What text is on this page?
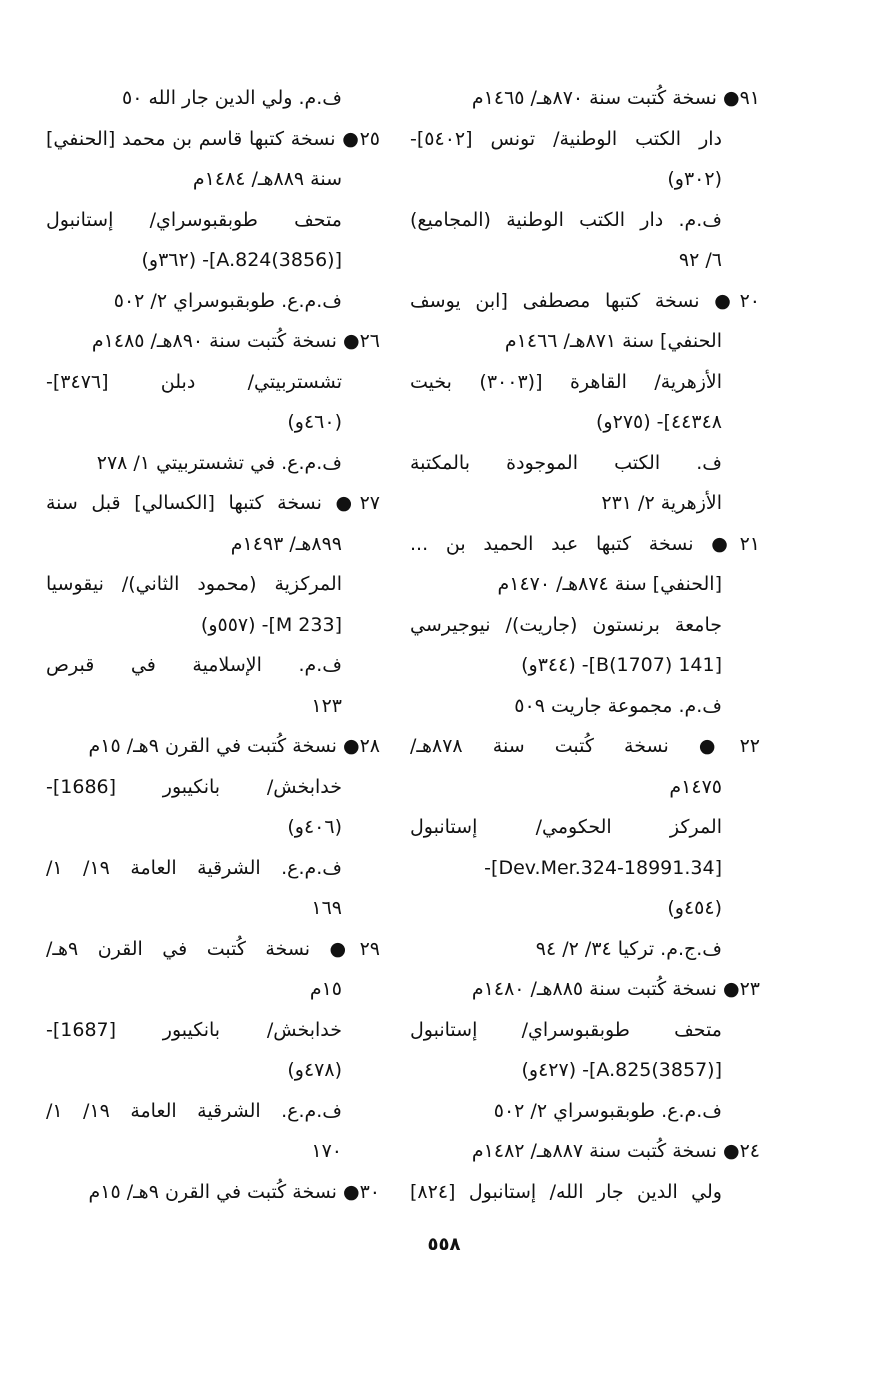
٩١● نسخة كُتبت سنة ٨٧٠هـ/ ١٤٦٥م
دار الكتب الوطنية/ تونس [٥٤٠٢]-
(٣٠٢و)
ف.م. دار الكتب الوطنية (المجاميع)
٦/ ٩٢
٢٠● نسخة كتبها مصطفى [ابن يوسف
الحنفي] سنة ٨٧١هـ/ ١٤٦٦م
الأزهرية/ القاهرة [(٣٠٠٣) بخيت
٤٤٣٤٨]- (٢٧٥و)
ف. الكتب الموجودة بالمكتبة
الأزهرية ٢/ ٢٣١
٢١● نسخة كتبها عبد الحميد بن ...
[الحنفي] سنة ٨٧٤هـ/ ١٤٧٠م
جامعة برنستون (جاريت)/ نيوجيرسي
[141 B(1707)]- (٣٤٤و)
ف.م. مجموعة جاريت ٥٠٩
٢٢● نسخة كُتبت سنة ٨٧٨هـ/
١٤٧٥م
المركز الحكومي/ إستانبول
[34.Dev.Mer.324-18991]-
(٤٥٤و)
ف.ج.م. تركيا ٣٤/ ٢/ ٩٤
٢٣● نسخة كُتبت سنة ٨٨٥هـ/ ١٤٨٠م
متحف طوبقبوسراي/ إستانبول
[A.825(3857)]- (٤٢٧و)
ف.م.ع. طوبقبوسراي ٢/ ٥٠٢
٢٤● نسخة كُتبت سنة ٨٨٧هـ/ ١٤٨٢م
ولي الدين جار الله/ إستانبول [٨٢٤]
ف.م. ولي الدين جار الله ٥٠
٢٥● نسخة كتبها قاسم بن محمد [الحنفي]
سنة ٨٨٩هـ/ ١٤٨٤م
متحف طوبقبوسراي/ إستانبول
[A.824(3856)]- (٣٦٢و)
ف.م.ع. طوبقبوسراي ٢/ ٥٠٢
٢٦● نسخة كُتبت سنة ٨٩٠هـ/ ١٤٨٥م
تشستربيتي/ دبلن [٣٤٧٦]-
(٤٦٠و)
ف.م.ع. في تشستربيتي ١/ ٢٧٨
٢٧● نسخة كتبها [الكسالي] قبل سنة
٨٩٩هـ/ ١٤٩٣م
المركزية (محمود الثاني)/ نيقوسيا
[M 233]- (٥٥٧و)
ف.م. الإسلامية في قبرص
١٢٣
٢٨● نسخة كُتبت في القرن ٩هـ/ ١٥م
خدابخش/ بانكيبور [1686]-
(٤٠٦و)
ف.م.ع. الشرقية العامة ١٩/ ١/
١٦٩
٢٩● نسخة كُتبت في القرن ٩هـ/
١٥م
خدابخش/ بانكيبور [1687]-
(٤٧٨و)
ف.م.ع. الشرقية العامة ١٩/ ١/
١٧٠
٣٠● نسخة كُتبت في القرن ٩هـ/ ١٥م
٥٥٨
